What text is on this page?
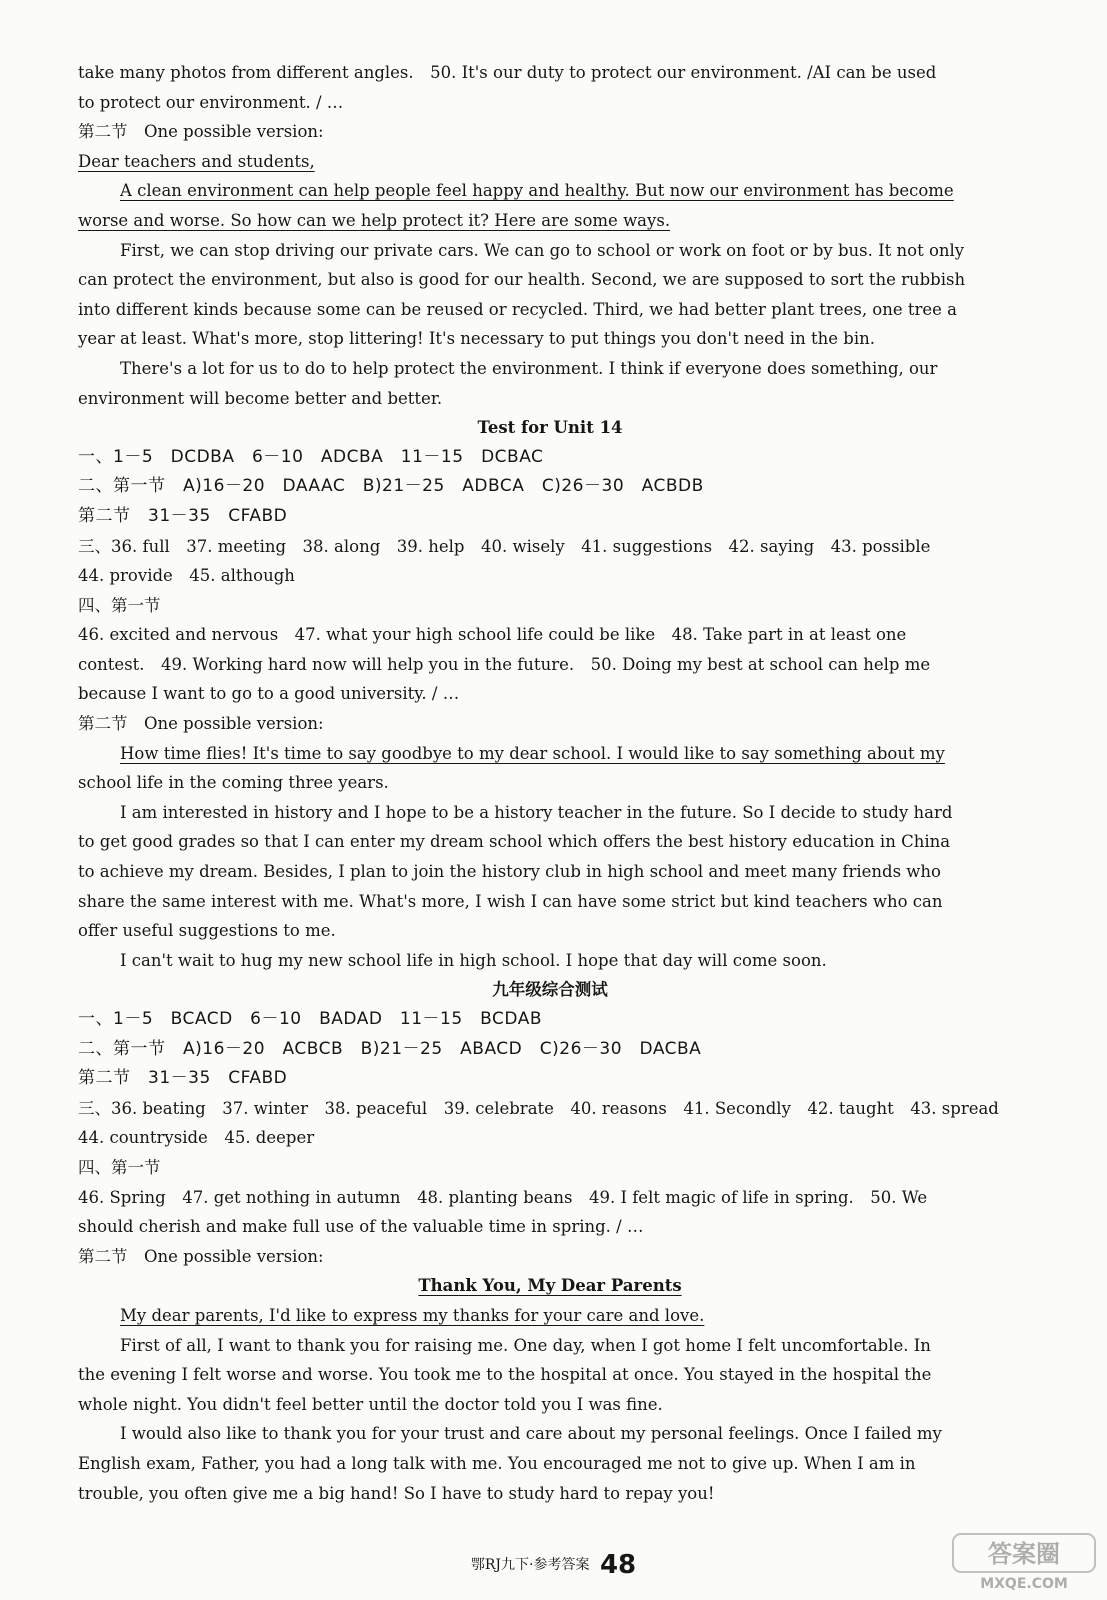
take many photos from different angles.　50. It's our duty to protect our environment. /AI can be used
to protect our environment. / …
第二节　One possible version:
Dear teachers and students,
A clean environment can help people feel happy and healthy. But now our environment has become
worse and worse. So how can we help protect it? Here are some ways.
First, we can stop driving our private cars. We can go to school or work on foot or by bus. It not only
can protect the environment, but also is good for our health. Second, we are supposed to sort the rubbish
into different kinds because some can be reused or recycled. Third, we had better plant trees, one tree a
year at least. What's more, stop littering! It's necessary to put things you don't need in the bin.
There's a lot for us to do to help protect the environment. I think if everyone does something, our
environment will become better and better.
Test for Unit 14
一、1－5　DCDBA　6－10　ADCBA　11－15　DCBAC
二、第一节　A)16－20　DAAAC　B)21－25　ADBCA　C)26－30　ACBDB
第二节　31－35　CFABD
三、36. full　37. meeting　38. along　39. help　40. wisely　41. suggestions　42. saying　43. possible
44. provide　45. although
四、第一节
46. excited and nervous　47. what your high school life could be like　48. Take part in at least one
contest.　49. Working hard now will help you in the future.　50. Doing my best at school can help me
because I want to go to a good university. / …
第二节　One possible version:
How time flies! It's time to say goodbye to my dear school. I would like to say something about my
school life in the coming three years.
I am interested in history and I hope to be a history teacher in the future. So I decide to study hard
to get good grades so that I can enter my dream school which offers the best history education in China
to achieve my dream. Besides, I plan to join the history club in high school and meet many friends who
share the same interest with me. What's more, I wish I can have some strict but kind teachers who can
offer useful suggestions to me.
I can't wait to hug my new school life in high school. I hope that day will come soon.
九年级综合测试
一、1－5　BCACD　6－10　BADAD　11－15　BCDAB
二、第一节　A)16－20　ACBCB　B)21－25　ABACD　C)26－30　DACBA
第二节　31－35　CFABD
三、36. beating　37. winter　38. peaceful　39. celebrate　40. reasons　41. Secondly　42. taught　43. spread
44. countryside　45. deeper
四、第一节
46. Spring　47. get nothing in autumn　48. planting beans　49. I felt magic of life in spring.　50. We
should cherish and make full use of the valuable time in spring. / …
第二节　One possible version:
Thank You, My Dear Parents
My dear parents, I'd like to express my thanks for your care and love.
First of all, I want to thank you for raising me. One day, when I got home I felt uncomfortable. In
the evening I felt worse and worse. You took me to the hospital at once. You stayed in the hospital the
whole night. You didn't feel better until the doctor told you I was fine.
I would also like to thank you for your trust and care about my personal feelings. Once I failed my
English exam, Father, you had a long talk with me. You encouraged me not to give up. When I am in
trouble, you often give me a big hand! So I have to study hard to repay you!
鄂RJ九下·参考答案 48	答案圈
MXQE.COM
